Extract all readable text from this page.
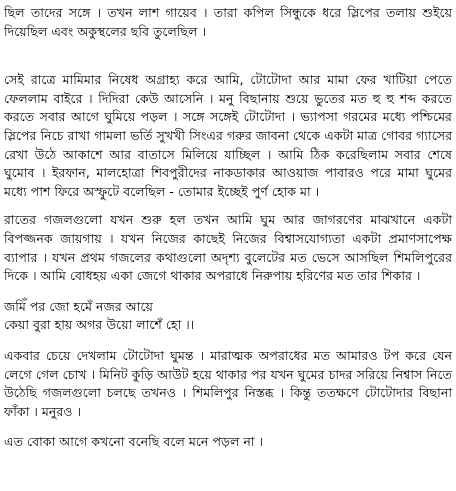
ছিল তাদের সঙ্গে । তখন লাশ গায়েব । তারা কপিল সিন্ধুকে ধরে স্লিপের তলায় শুইয়ে দিয়েছিল এবং অকুস্থলের ছবি তুলেছিল ।

সেই রাত্রে মামিমার নিষেধ অগ্রাহ্য করে আমি, টোটোদা আর মামা ফের খাটিয়া পেতে ফেললাম বাইরে । দিদিরা কেউ আসেনি । মনু বিছানায় শুয়ে ভুতের মত হু হু শব্দ করতে করতে সবার আগে ঘুমিয়ে পড়ল । সঙ্গে সঙ্গেই টোটোদা । ভ্যাপসা গরমের মধ্যে পশ্চিমের স্লিপের নিচে রাখা গামলা ভর্তি সুখখী সিংএর গরুর জাবনা থেকে একটা মাত্র গোবর গ্যাসের রেখা উঠে আকাশে আর বাতাসে মিলিয়ে যাচ্ছিল । আমি ঠিক করেছিলাম সবার শেষে ঘুমোব । ইরফান, মালহোত্রা শিবপুরীদের নাকডাকার আওয়াজ পাবারও পরে মামা ঘুমের মধ্যে পাশ ফিরে অস্ফুটে বলেছিল - তোমার ইচ্ছেই পুর্ণ হোক মা ।

রাতের গজলগুলো যখন শুরু হল তখন আমি ঘুম আর জাগরণের মাঝখানে একটা বিপজ্জনক জায়গায় । যখন নিজের কাছেই নিজের বিশ্বাসযোগ্যতা একটা প্রমাণসাপেক্ষ ব্যাপার । যখন প্রথম গজলের কথাগুলো অদৃশ্য বুলেটের মত ভেসে আসছিল শিমলিপুরের দিকে । আমি বোধহয় একা জেগে থাকার অপরাধে নিরুপায় হরিণের মত তার শিকার ।

জমিঁ পর জো হমেঁ নজর আয়ে

কেয়া বুরা হায় অগর উয়ো লাশেঁ হো ।।

একবার চেয়ে দেখলাম টোটোদা ঘুমন্ত । মারাত্মক অপরাধের মত আমারও টপ করে যেন লেগে গেল চোখ । মিনিট কুড়ি আউট হয়ে থাকার পর যখন ঘুমের চাদর সরিয়ে নিশ্বাস নিতে উঠেছি গজলগুলো চলছে তখনও । শিমলিপুর নিস্তব্ধ । কিন্তু ততক্ষণে টোটোদার বিছানা ফাঁকা । মনুরও ।

এত বোকা আগে কখনো বনেছি বলে মনে পড়ল না ।
